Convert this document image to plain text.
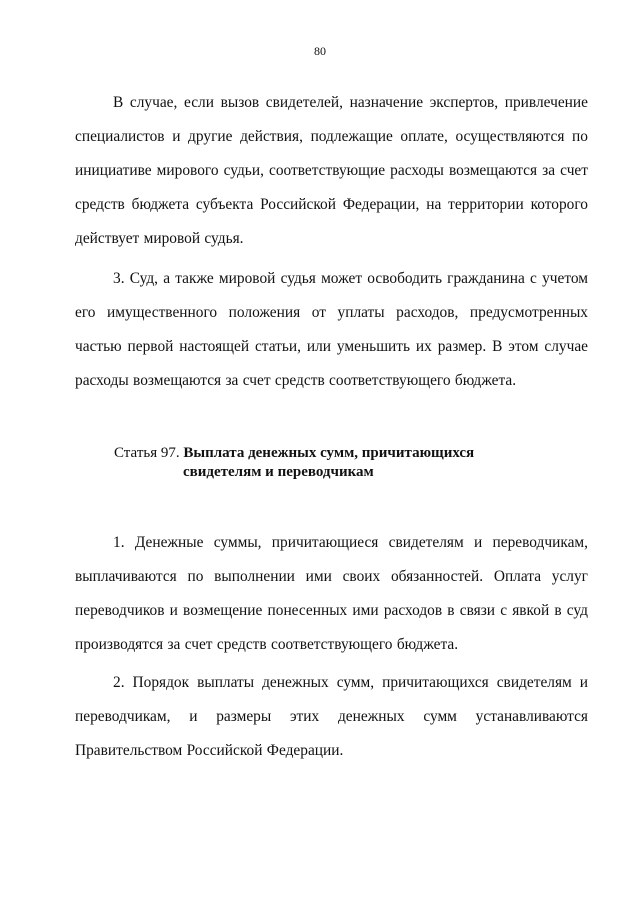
80

В случае, если вызов свидетелей, назначение экспертов, привлечение специалистов и другие действия, подлежащие оплате, осуществляются по инициативе мирового судьи, соответствующие расходы возмещаются за счет средств бюджета субъекта Российской Федерации, на территории которого действует мировой судья.

3. Суд, а также мировой судья может освободить гражданина с учетом его имущественного положения от уплаты расходов, предусмотренных частью первой настоящей статьи, или уменьшить их размер. В этом случае расходы возмещаются за счет средств соответствующего бюджета.

Статья 97. Выплата денежных сумм, причитающихся
свидетелям и переводчикам

1. Денежные суммы, причитающиеся свидетелям и переводчикам, выплачиваются по выполнении ими своих обязанностей. Оплата услуг переводчиков и возмещение понесенных ими расходов в связи с явкой в суд производятся за счет средств соответствующего бюджета.

2. Порядок выплаты денежных сумм, причитающихся свидетелям и переводчикам, и размеры этих денежных сумм устанавливаются Правительством Российской Федерации.
